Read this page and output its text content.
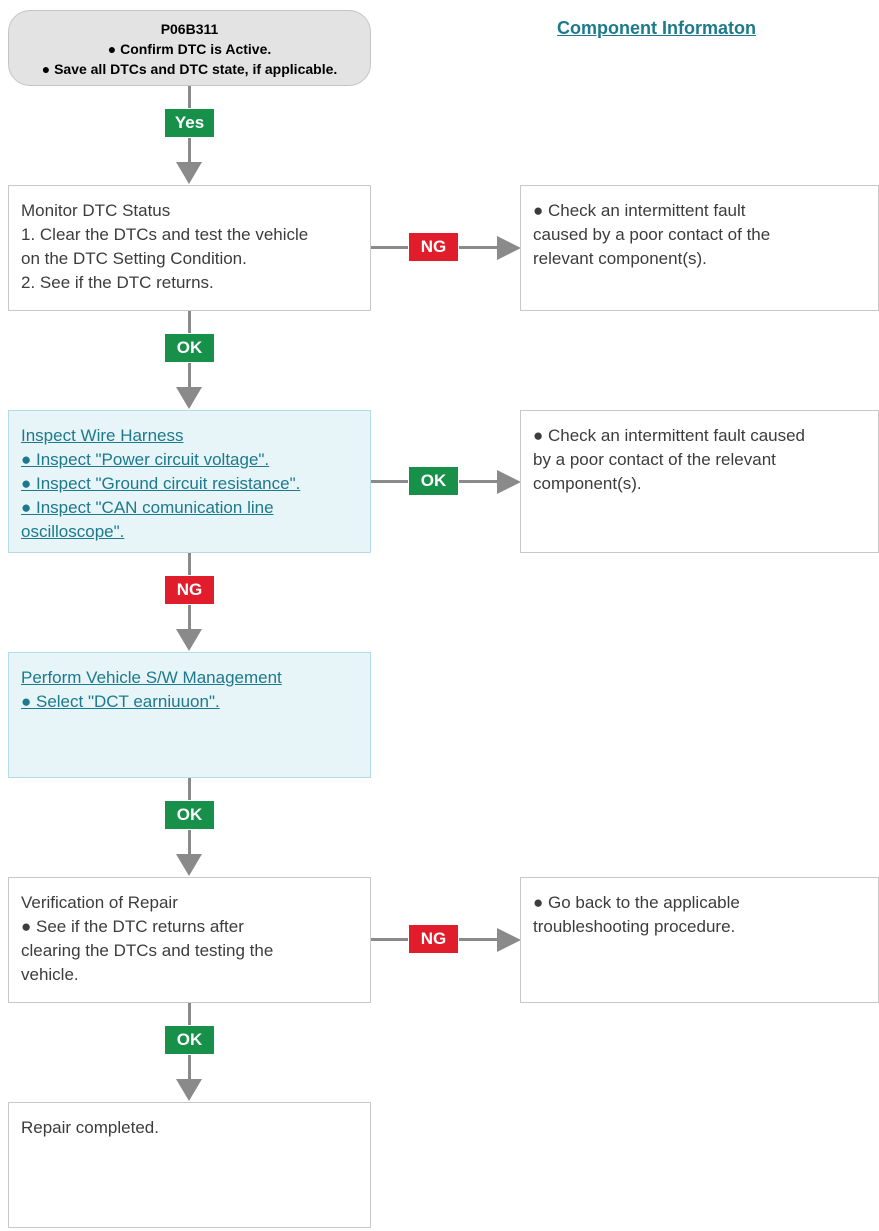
P06B311
● Confirm DTC is Active.
● Save all DTCs and DTC state, if applicable.
Component Informaton
Yes
Monitor DTC Status
1. Clear the DTCs and test the vehicle
on the DTC Setting Condition.
2. See if the DTC returns.
NG
● Check an intermittent fault
caused by a poor contact of the
relevant component(s).
OK
Inspect Wire Harness
● Inspect "Power circuit voltage".
● Inspect "Ground circuit resistance".
● Inspect "CAN comunication line
oscilloscope".
OK
● Check an intermittent fault caused
by a poor contact of the relevant
component(s).
NG
Perform Vehicle S/W Management
● Select "DCT earniuuon".
OK
Verification of Repair
● See if the DTC returns after
clearing the DTCs and testing the
vehicle.
NG
● Go back to the applicable
troubleshooting procedure.
OK
Repair completed.
